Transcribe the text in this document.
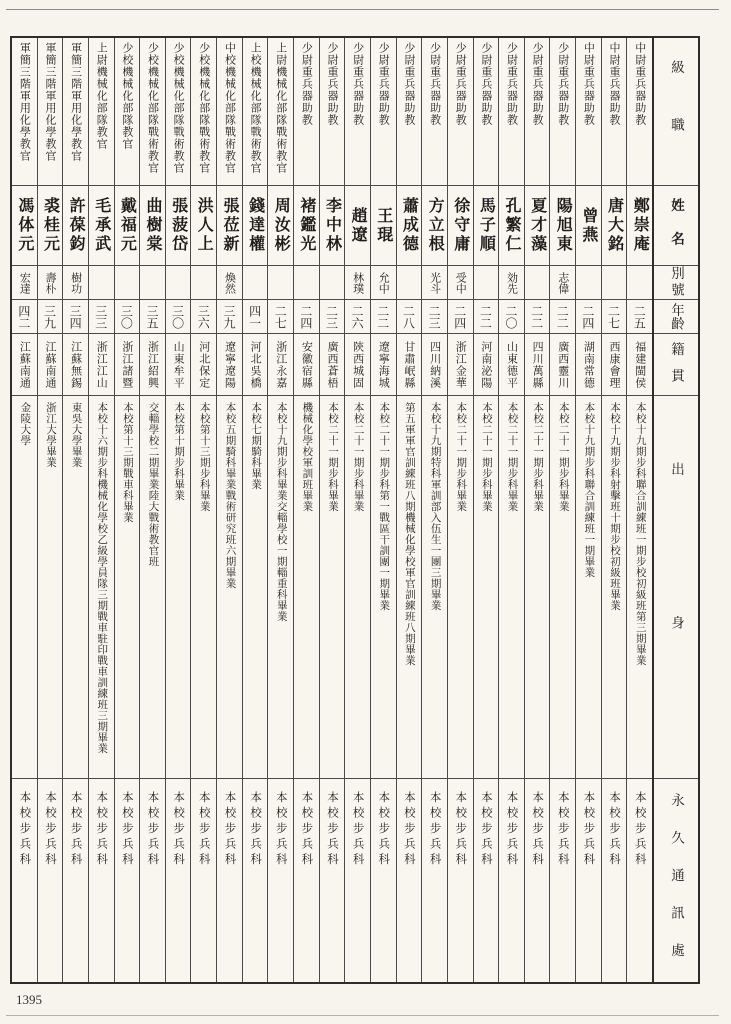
級職
姓名
別號
年齡
籍貫
出身
永久通訊處
中尉重兵器助教
鄭崇庵
二五
福建閩侯
本校十九期步科聯合訓練班一期步校初級班第三期畢業
本校步兵科
中尉重兵器助教
唐大銘
二七
西康會理
本校十九期步科射擊班十期步校初級班畢業
本校步兵科
中尉重兵器助教
曾燕
二四
湖南常德
本校十九期步科聯合訓練班一期畢業
本校步兵科
少尉重兵器助教
陽旭東
志偉
二二
廣西靈川
本校二十一期步科畢業
本校步兵科
少尉重兵器助教
夏才藻
二二
四川萬縣
本校二十一期步科畢業
本校步兵科
少尉重兵器助教
孔繁仁
効先
二〇
山東德平
本校二十一期步科畢業
本校步兵科
少尉重兵器助教
馬子順
二二
河南泌陽
本校二十一期步科畢業
本校步兵科
少尉重兵器助教
徐守庸
受中
二四
浙江金華
本校二十一期步科畢業
本校步兵科
少尉重兵器助教
方立根
光斗
二三
四川納溪
本校十九期特科軍訓部入伍生一團三期畢業
本校步兵科
少尉重兵器助教
蕭成德
二八
甘肅岷縣
第五軍軍官訓練班八期機械化學校軍官訓練班八期畢業
本校步兵科
少尉重兵器助教
王琨
允中
二二
遼寧海城
本校二十一期步科第一戰區干訓團一期畢業
本校步兵科
少尉重兵器助教
趙遼
林璞
二六
陝西城固
本校二十一期步科畢業
本校步兵科
少尉重兵器助教
李中林
二三
廣西蒼梧
本校二十一期步科畢業
本校步兵科
少尉重兵器助教
褚鑑光
二四
安徽宿縣
機械化學校軍訓班畢業
本校步兵科
上尉機械化部隊戰術教官
周汝彬
二七
浙江永嘉
本校十九期步科畢業交輜學校一期輜重科畢業
本校步兵科
上校機械化部隊戰術教官
錢達權
四一
河北吳橋
本校七期騎科畢業
本校步兵科
中校機械化部隊戰術教官
張莅新
煥然
三九
遼寧遼陽
本校五期騎科畢業戰術研究班六期畢業
本校步兵科
少校機械化部隊戰術教官
洪人上
三六
河北保定
本校第十三期步科畢業
本校步兵科
少校機械化部隊戰術教官
張菠岱
三〇
山東牟平
本校第十期步科畢業
本校步兵科
少校機械化部隊戰術教官
曲樹棠
三五
浙江紹興
交輜學校二期畢業陸大戰術教官班
本校步兵科
少校機械化部隊教官
戴福元
三〇
浙江諸暨
本校第十三期戰車科畢業
本校步兵科
上尉機械化部隊教官
毛承武
三三
浙江江山
本校十六期步科機械化學校乙級學員隊三期戰車駐印戰車訓練班三期畢業
本校步兵科
軍簡三階軍用化學教官
許葆鈞
樹功
三四
江蘇無錫
東吳大學畢業
本校步兵科
軍簡三階軍用化學教官
裘桂元
壽朴
三九
江蘇南通
浙江大學畢業
本校步兵科
軍簡三階軍用化學教官
馮体元
宏達
四二
江蘇南通
金陵大學
本校步兵科
1395
